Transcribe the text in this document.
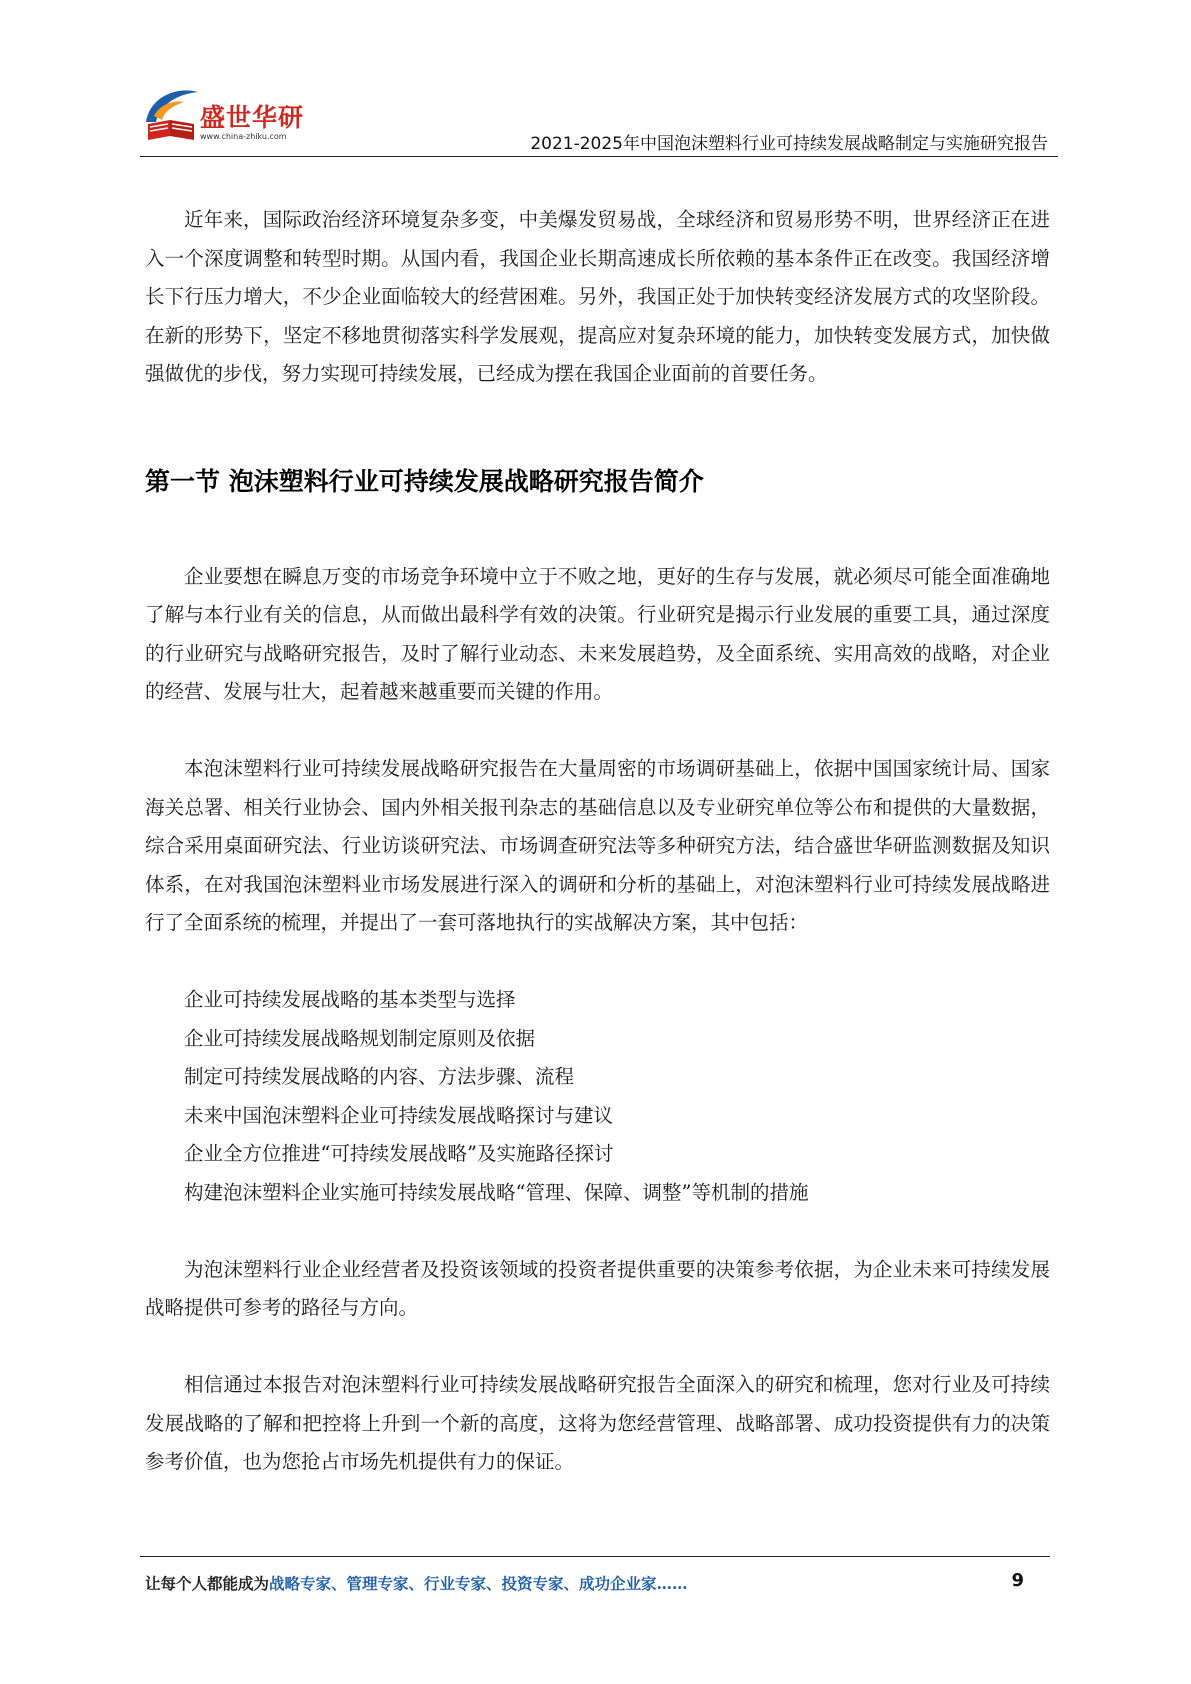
盛世华研
www.china-zhiku.com	2021-2025年中国泡沫塑料行业可持续发展战略制定与实施研究报告

近年来，国际政治经济环境复杂多变，中美爆发贸易战，全球经济和贸易形势不明，世界经济正在进入一个深度调整和转型时期。从国内看，我国企业长期高速成长所依赖的基本条件正在改变。我国经济增长下行压力增大，不少企业面临较大的经营困难。另外，我国正处于加快转变经济发展方式的攻坚阶段。在新的形势下，坚定不移地贯彻落实科学发展观，提高应对复杂环境的能力，加快转变发展方式，加快做强做优的步伐，努力实现可持续发展，已经成为摆在我国企业面前的首要任务。

第一节 泡沫塑料行业可持续发展战略研究报告简介

企业要想在瞬息万变的市场竞争环境中立于不败之地，更好的生存与发展，就必须尽可能全面准确地了解与本行业有关的信息，从而做出最科学有效的决策。行业研究是揭示行业发展的重要工具，通过深度的行业研究与战略研究报告，及时了解行业动态、未来发展趋势，及全面系统、实用高效的战略，对企业的经营、发展与壮大，起着越来越重要而关键的作用。

本泡沫塑料行业可持续发展战略研究报告在大量周密的市场调研基础上，依据中国国家统计局、国家海关总署、相关行业协会、国内外相关报刊杂志的基础信息以及专业研究单位等公布和提供的大量数据，综合采用桌面研究法、行业访谈研究法、市场调查研究法等多种研究方法，结合盛世华研监测数据及知识体系，在对我国泡沫塑料业市场发展进行深入的调研和分析的基础上，对泡沫塑料行业可持续发展战略进行了全面系统的梳理，并提出了一套可落地执行的实战解决方案，其中包括：

企业可持续发展战略的基本类型与选择
企业可持续发展战略规划制定原则及依据
制定可持续发展战略的内容、方法步骤、流程
未来中国泡沫塑料企业可持续发展战略探讨与建议
企业全方位推进“可持续发展战略”及实施路径探讨
构建泡沫塑料企业实施可持续发展战略“管理、保障、调整”等机制的措施

为泡沫塑料行业企业经营者及投资该领域的投资者提供重要的决策参考依据，为企业未来可持续发展战略提供可参考的路径与方向。

相信通过本报告对泡沫塑料行业可持续发展战略研究报告全面深入的研究和梳理，您对行业及可持续发展战略的了解和把控将上升到一个新的高度，这将为您经营管理、战略部署、成功投资提供有力的决策参考价值，也为您抢占市场先机提供有力的保证。

让每个人都能成为战略专家、管理专家、行业专家、投资专家、成功企业家……	9
